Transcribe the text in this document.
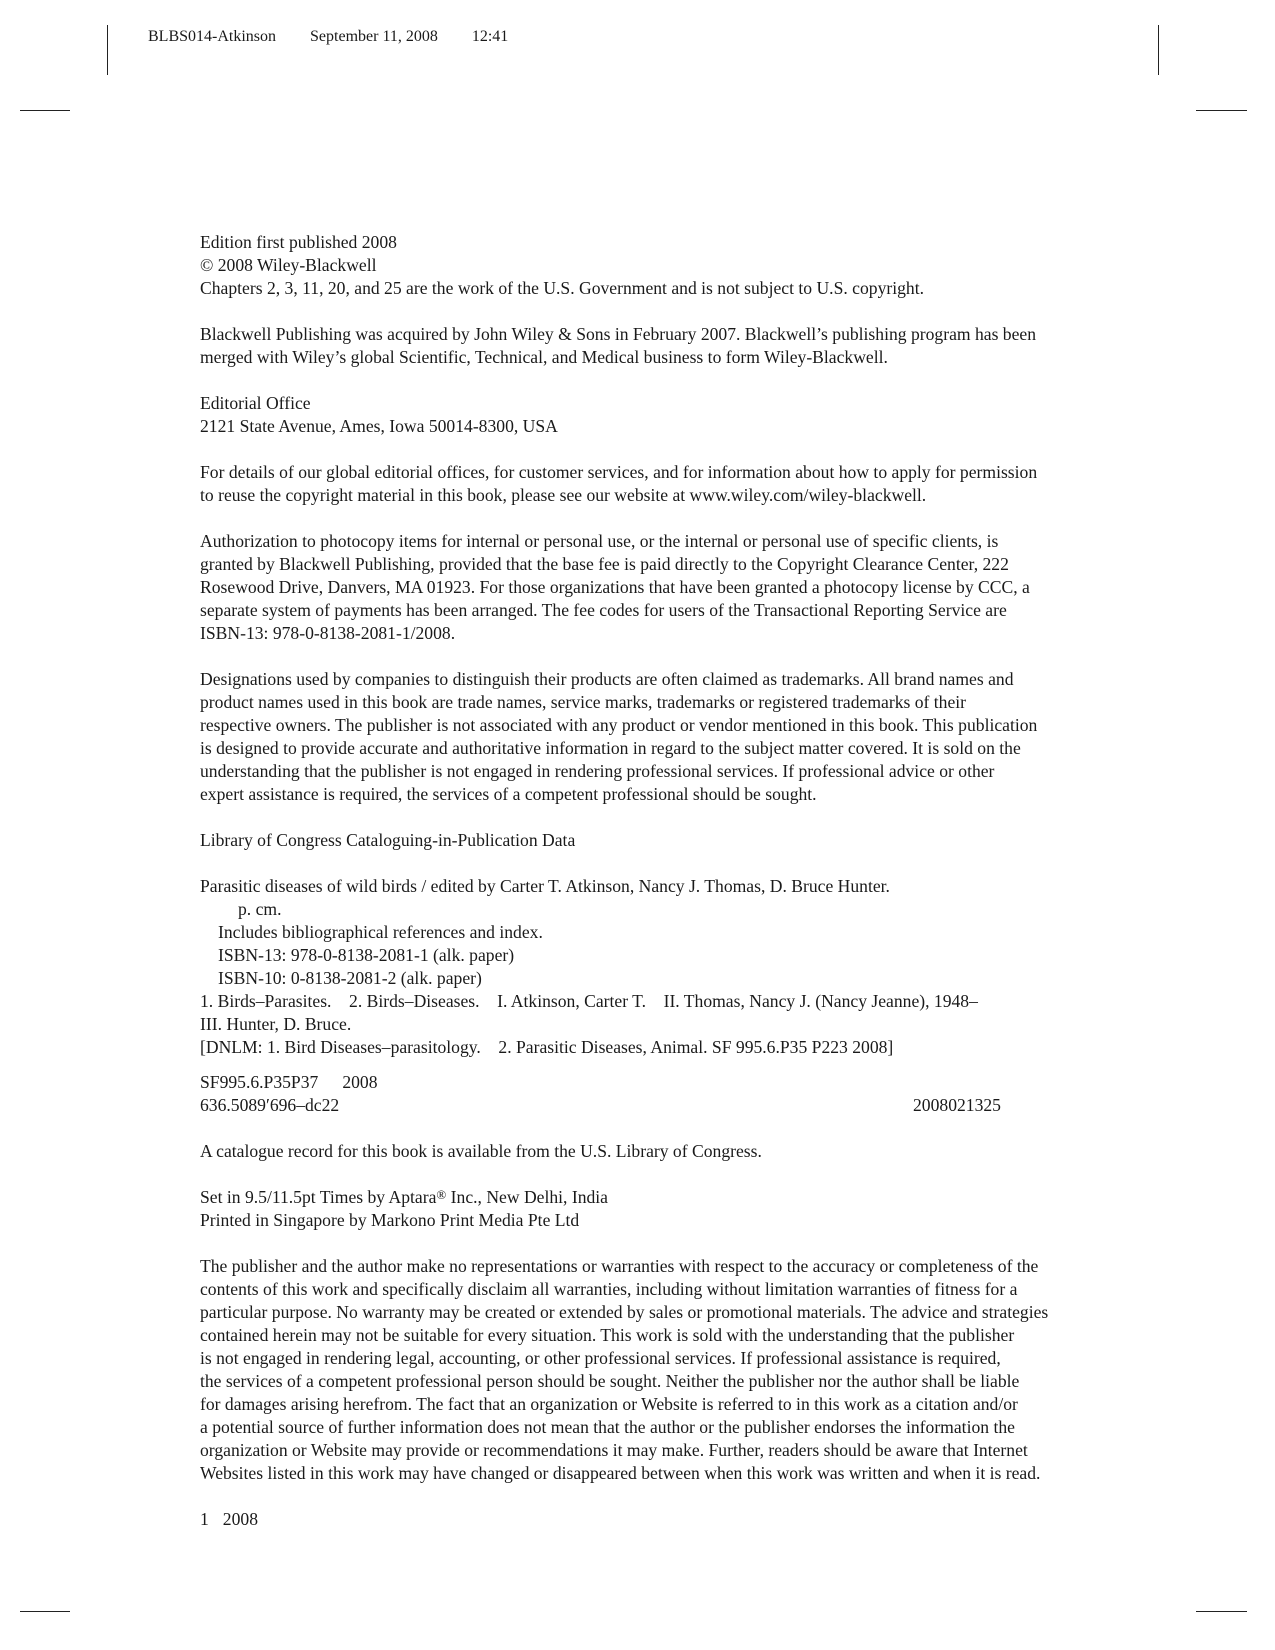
BLBS014-Atkinson September 11, 2008 12:41

Edition first published 2008
© 2008 Wiley-Blackwell
Chapters 2, 3, 11, 20, and 25 are the work of the U.S. Government and is not subject to U.S. copyright.

Blackwell Publishing was acquired by John Wiley & Sons in February 2007. Blackwell’s publishing program has been
merged with Wiley’s global Scientific, Technical, and Medical business to form Wiley-Blackwell.

Editorial Office
2121 State Avenue, Ames, Iowa 50014-8300, USA

For details of our global editorial offices, for customer services, and for information about how to apply for permission
to reuse the copyright material in this book, please see our website at www.wiley.com/wiley-blackwell.

Authorization to photocopy items for internal or personal use, or the internal or personal use of specific clients, is
granted by Blackwell Publishing, provided that the base fee is paid directly to the Copyright Clearance Center, 222
Rosewood Drive, Danvers, MA 01923. For those organizations that have been granted a photocopy license by CCC, a
separate system of payments has been arranged. The fee codes for users of the Transactional Reporting Service are
ISBN-13: 978-0-8138-2081-1/2008.

Designations used by companies to distinguish their products are often claimed as trademarks. All brand names and
product names used in this book are trade names, service marks, trademarks or registered trademarks of their
respective owners. The publisher is not associated with any product or vendor mentioned in this book. This publication
is designed to provide accurate and authoritative information in regard to the subject matter covered. It is sold on the
understanding that the publisher is not engaged in rendering professional services. If professional advice or other
expert assistance is required, the services of a competent professional should be sought.

Library of Congress Cataloguing-in-Publication Data

Parasitic diseases of wild birds / edited by Carter T. Atkinson, Nancy J. Thomas, D. Bruce Hunter.
p. cm.
Includes bibliographical references and index.
ISBN-13: 978-0-8138-2081-1 (alk. paper)
ISBN-10: 0-8138-2081-2 (alk. paper)
1. Birds–Parasites.    2. Birds–Diseases.    I. Atkinson, Carter T.    II. Thomas, Nancy J. (Nancy Jeanne), 1948–
III. Hunter, D. Bruce.
[DNLM: 1. Bird Diseases–parasitology.    2. Parasitic Diseases, Animal. SF 995.6.P35 P223 2008]

SF995.6.P35P37 2008
636.5089′696–dc22	2008021325

A catalogue record for this book is available from the U.S. Library of Congress.

Set in 9.5/11.5pt Times by Aptara® Inc., New Delhi, India
Printed in Singapore by Markono Print Media Pte Ltd

The publisher and the author make no representations or warranties with respect to the accuracy or completeness of the
contents of this work and specifically disclaim all warranties, including without limitation warranties of fitness for a
particular purpose. No warranty may be created or extended by sales or promotional materials. The advice and strategies
contained herein may not be suitable for every situation. This work is sold with the understanding that the publisher
is not engaged in rendering legal, accounting, or other professional services. If professional assistance is required,
the services of a competent professional person should be sought. Neither the publisher nor the author shall be liable
for damages arising herefrom. The fact that an organization or Website is referred to in this work as a citation and/or
a potential source of further information does not mean that the author or the publisher endorses the information the
organization or Website may provide or recommendations it may make. Further, readers should be aware that Internet
Websites listed in this work may have changed or disappeared between when this work was written and when it is read.

1 2008
